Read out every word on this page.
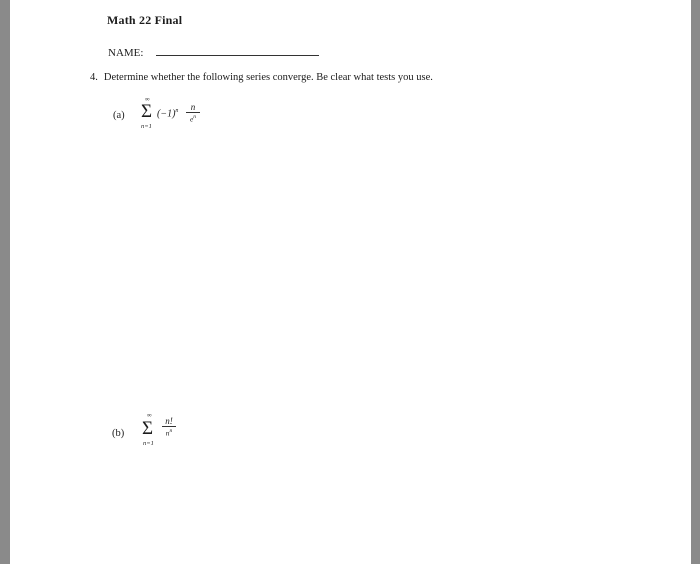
Math 22 Final
NAME:
4. Determine whether the following series converge. Be clear what tests you use.
(a)
∞
Σ
n=1
$(-1)^n$ n
$e^n$
(b)
∞
Σ
n=1
n!
$n^n$
